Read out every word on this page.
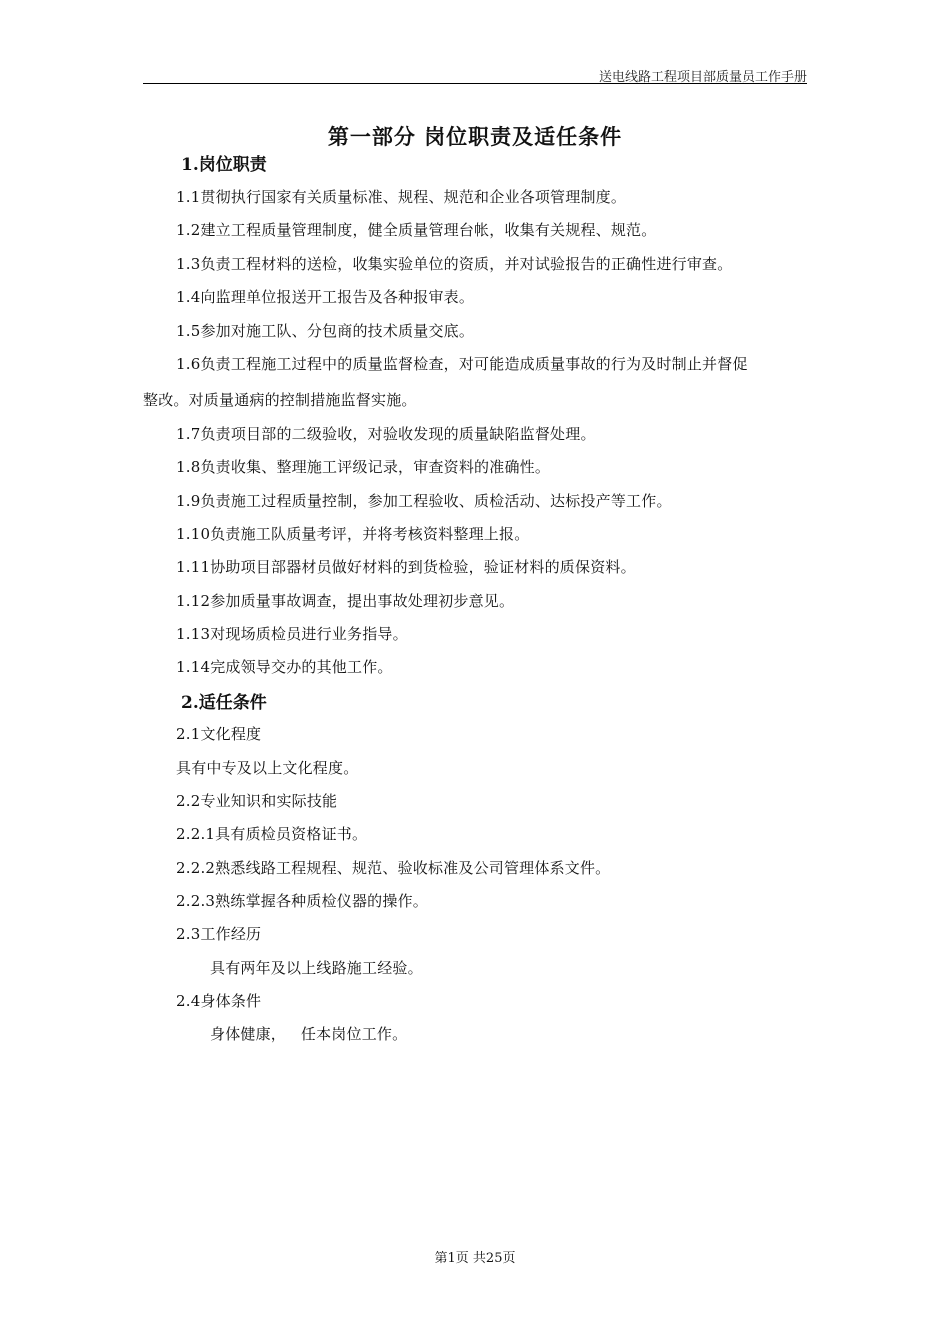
送电线路工程项目部质量员工作手册
第一部分 岗位职责及适任条件
1.岗位职责
1.1贯彻执行国家有关质量标准、规程、规范和企业各项管理制度。
1.2建立工程质量管理制度，健全质量管理台帐，收集有关规程、规范。
1.3负责工程材料的送检，收集实验单位的资质，并对试验报告的正确性进行审查。
1.4向监理单位报送开工报告及各种报审表。
1.5参加对施工队、分包商的技术质量交底。
1.6负责工程施工过程中的质量监督检查，对可能造成质量事故的行为及时制止并督促
整改。对质量通病的控制措施监督实施。
1.7负责项目部的二级验收，对验收发现的质量缺陷监督处理。
1.8负责收集、整理施工评级记录，审查资料的准确性。
1.9负责施工过程质量控制，参加工程验收、质检活动、达标投产等工作。
1.10负责施工队质量考评，并将考核资料整理上报。
1.11协助项目部器材员做好材料的到货检验，验证材料的质保资料。
1.12参加质量事故调查，提出事故处理初步意见。
1.13对现场质检员进行业务指导。
1.14完成领导交办的其他工作。
2.适任条件
2.1文化程度
具有中专及以上文化程度。
2.2专业知识和实际技能
2.2.1具有质检员资格证书。
2.2.2熟悉线路工程规程、规范、验收标准及公司管理体系文件。
2.2.3熟练掌握各种质检仪器的操作。
2.3工作经历
具有两年及以上线路施工经验。
2.4身体条件
身体健康，   任本岗位工作。
第1页 共25页
